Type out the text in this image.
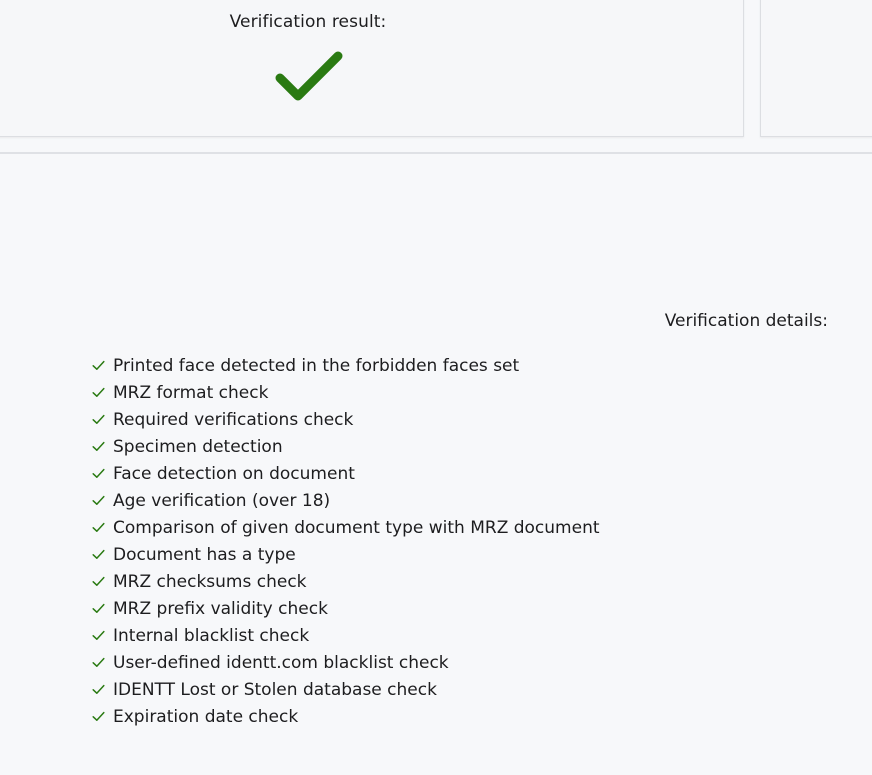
Verification result:
Verification details:
Printed face detected in the forbidden faces set
MRZ format check
Required verifications check
Specimen detection
Face detection on document
Age verification (over 18)
Comparison of given document type with MRZ document
Document has a type
MRZ checksums check
MRZ prefix validity check
Internal blacklist check
User-defined identt.com blacklist check
IDENTT Lost or Stolen database check
Expiration date check
